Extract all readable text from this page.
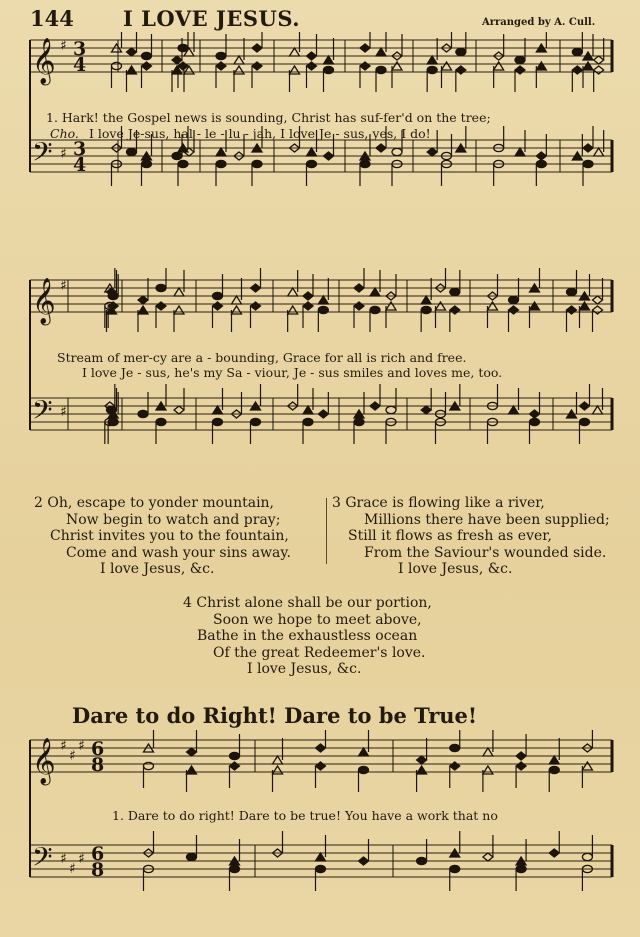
144 I LOVE JESUS.	Arranged by A. Cull.
𝄞
𝄢
♯
♯
3
4
3
4
1. Hark! the Gospel news is sounding, Christ has suf-fer'd on the tree;
Cho. I love Je-sus, hal - le - lu - jah, I love Je - sus, yes, I do!
𝄞
𝄢
♯
♯
Stream of mer-cy are a - bounding, Grace for all is rich and free.
I love Je - sus, he's my Sa - viour, Je - sus smiles and loves me, too.
2 Oh, escape to yonder mountain,
Now begin to watch and pray;
Christ invites you to the fountain,
Come and wash your sins away.
I love Jesus, &c.
3 Grace is flowing like a river,
Millions there have been supplied;
Still it flows as fresh as ever,
From the Saviour's wounded side.
I love Jesus, &c.
4 Christ alone shall be our portion,
Soon we hope to meet above,
Bathe in the exhaustless ocean
Of the great Redeemer's love.
I love Jesus, &c.
Dare to do Right! Dare to be True!
𝄞
𝄢
♯
♯
♯
♯
♯
♯
6
8
6
8
1. Dare to do right! Dare to be true! You have a work that no
